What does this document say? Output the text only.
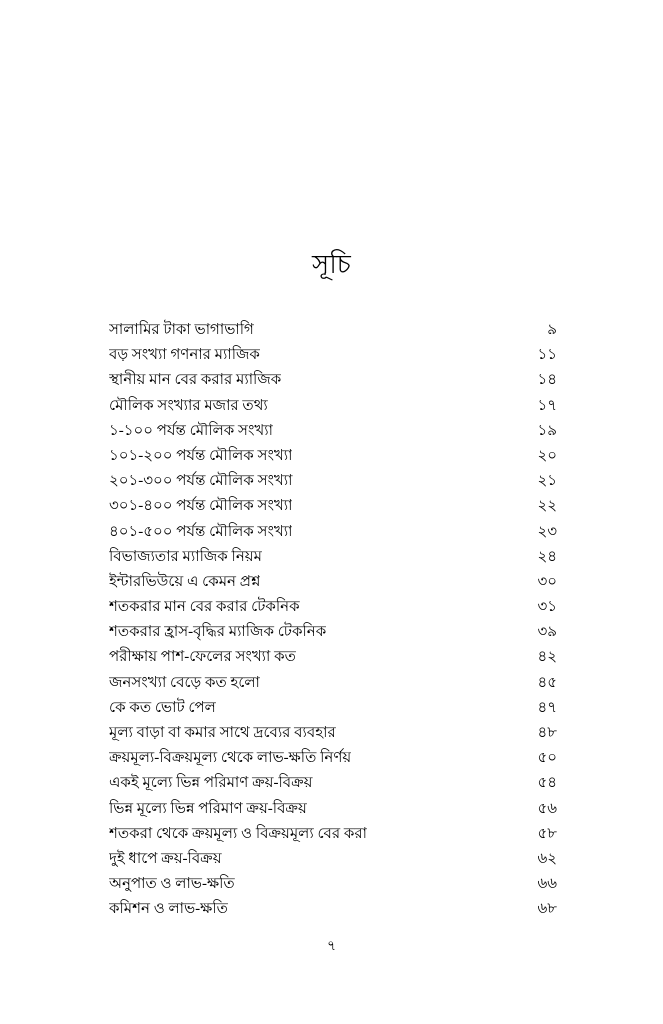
সূচি
সালামির টাকা ভাগাভাগি	৯
বড় সংখ্যা গণনার ম্যাজিক	১১
স্থানীয় মান বের করার ম্যাজিক	১৪
মৌলিক সংখ্যার মজার তথ্য	১৭
১-১০০ পর্যন্ত মৌলিক সংখ্যা	১৯
১০১-২০০ পর্যন্ত মৌলিক সংখ্যা	২০
২০১-৩০০ পর্যন্ত মৌলিক সংখ্যা	২১
৩০১-৪০০ পর্যন্ত মৌলিক সংখ্যা	২২
৪০১-৫০০ পর্যন্ত মৌলিক সংখ্যা	২৩
বিভাজ্যতার ম্যাজিক নিয়ম	২৪
ইন্টারভিউয়ে এ কেমন প্রশ্ন	৩০
শতকরার মান বের করার টেকনিক	৩১
শতকরার হ্রাস-বৃদ্ধির ম্যাজিক টেকনিক	৩৯
পরীক্ষায় পাশ-ফেলের সংখ্যা কত	৪২
জনসংখ্যা বেড়ে কত হলো	৪৫
কে কত ভোট পেল	৪৭
মূল্য বাড়া বা কমার সাথে দ্রব্যের ব্যবহার	৪৮
ক্রয়মূল্য-বিক্রয়মূল্য থেকে লাভ-ক্ষতি নির্ণয়	৫০
একই মূল্যে ভিন্ন পরিমাণ ক্রয়-বিক্রয়	৫৪
ভিন্ন মূল্যে ভিন্ন পরিমাণ ক্রয়-বিক্রয়	৫৬
শতকরা থেকে ক্রয়মূল্য ও বিক্রয়মূল্য বের করা	৫৮
দুই ধাপে ক্রয়-বিক্রয়	৬২
অনুপাত ও লাভ-ক্ষতি	৬৬
কমিশন ও লাভ-ক্ষতি	৬৮
৭
